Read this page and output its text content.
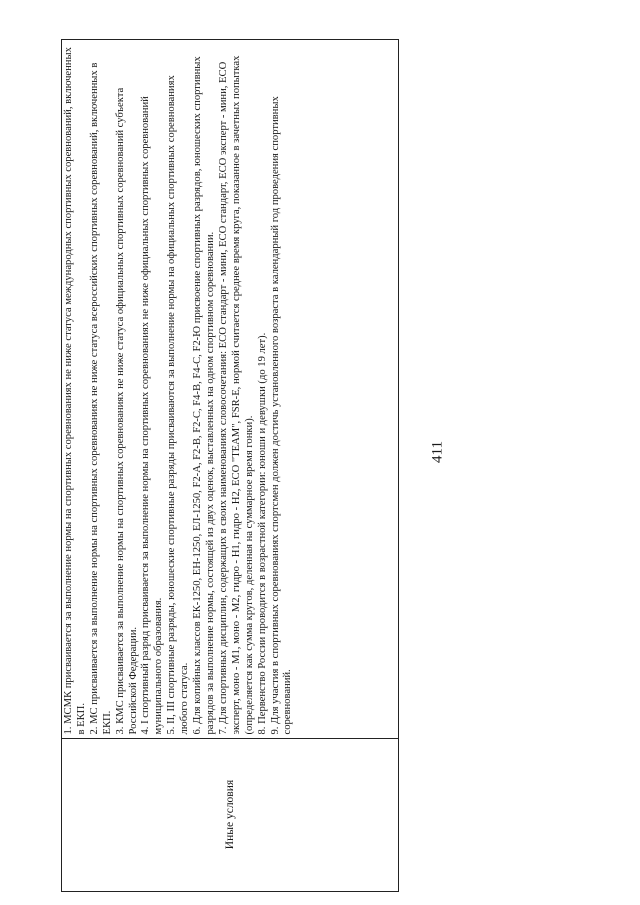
411
Иные условия

1. МСМК присваивается за выполнение нормы на спортивных соревнованиях не ниже статуса международных спортивных соревнований, включенных в ЕКП. 2. МС присваивается за выполнение нормы на спортивных соревнованиях не ниже статуса всероссийских спортивных соревнований, включенных в ЕКП. 3. КМС присваивается за выполнение нормы на спортивных соревнованиях не ниже статуса официальных спортивных соревнований субъекта Российской Федерации. 4. I спортивный разряд присваивается за выполнение нормы на спортивных соревнованиях не ниже официальных спортивных соревнований муниципального образования. 5. II, III спортивные разряды, юношеские спортивные разряды присваиваются за выполнение нормы на официальных спортивных соревнованиях любого статуса. 6. Для копийных классов ЕК-1250, ЕН-1250, ЕЛ-1250, F2-А, F2-В, F2-С, F4-В, F4-С, F2-Ю присвоение спортивных разрядов, юношеских спортивных разрядов за выполнение нормы, состоящей из двух оценок, выставленных на одном спортивном соревновании. 7. Для спортивных дисциплин, содержащих в своих наименованиях словосочетания: ЕСО стандарт - мини, ЕСО стандарт, ЕСО эксперт - мини, ЕСО эксперт, моно - М1, моно - М2, гидро - Н1, гидро - Н2, ЕСО "TEAM", FSR-Е, нормой считается среднее время круга, показанное в зачетных попытках (определяется как сумма кругов, деленная на суммарное время гонки). 8. Первенство России проводится в возрастной категории: юноши и девушки (до 19 лет). 9. Для участия в спортивных соревнованиях спортсмен должен достичь установленного возраста в календарный год проведения спортивных соревнований.
